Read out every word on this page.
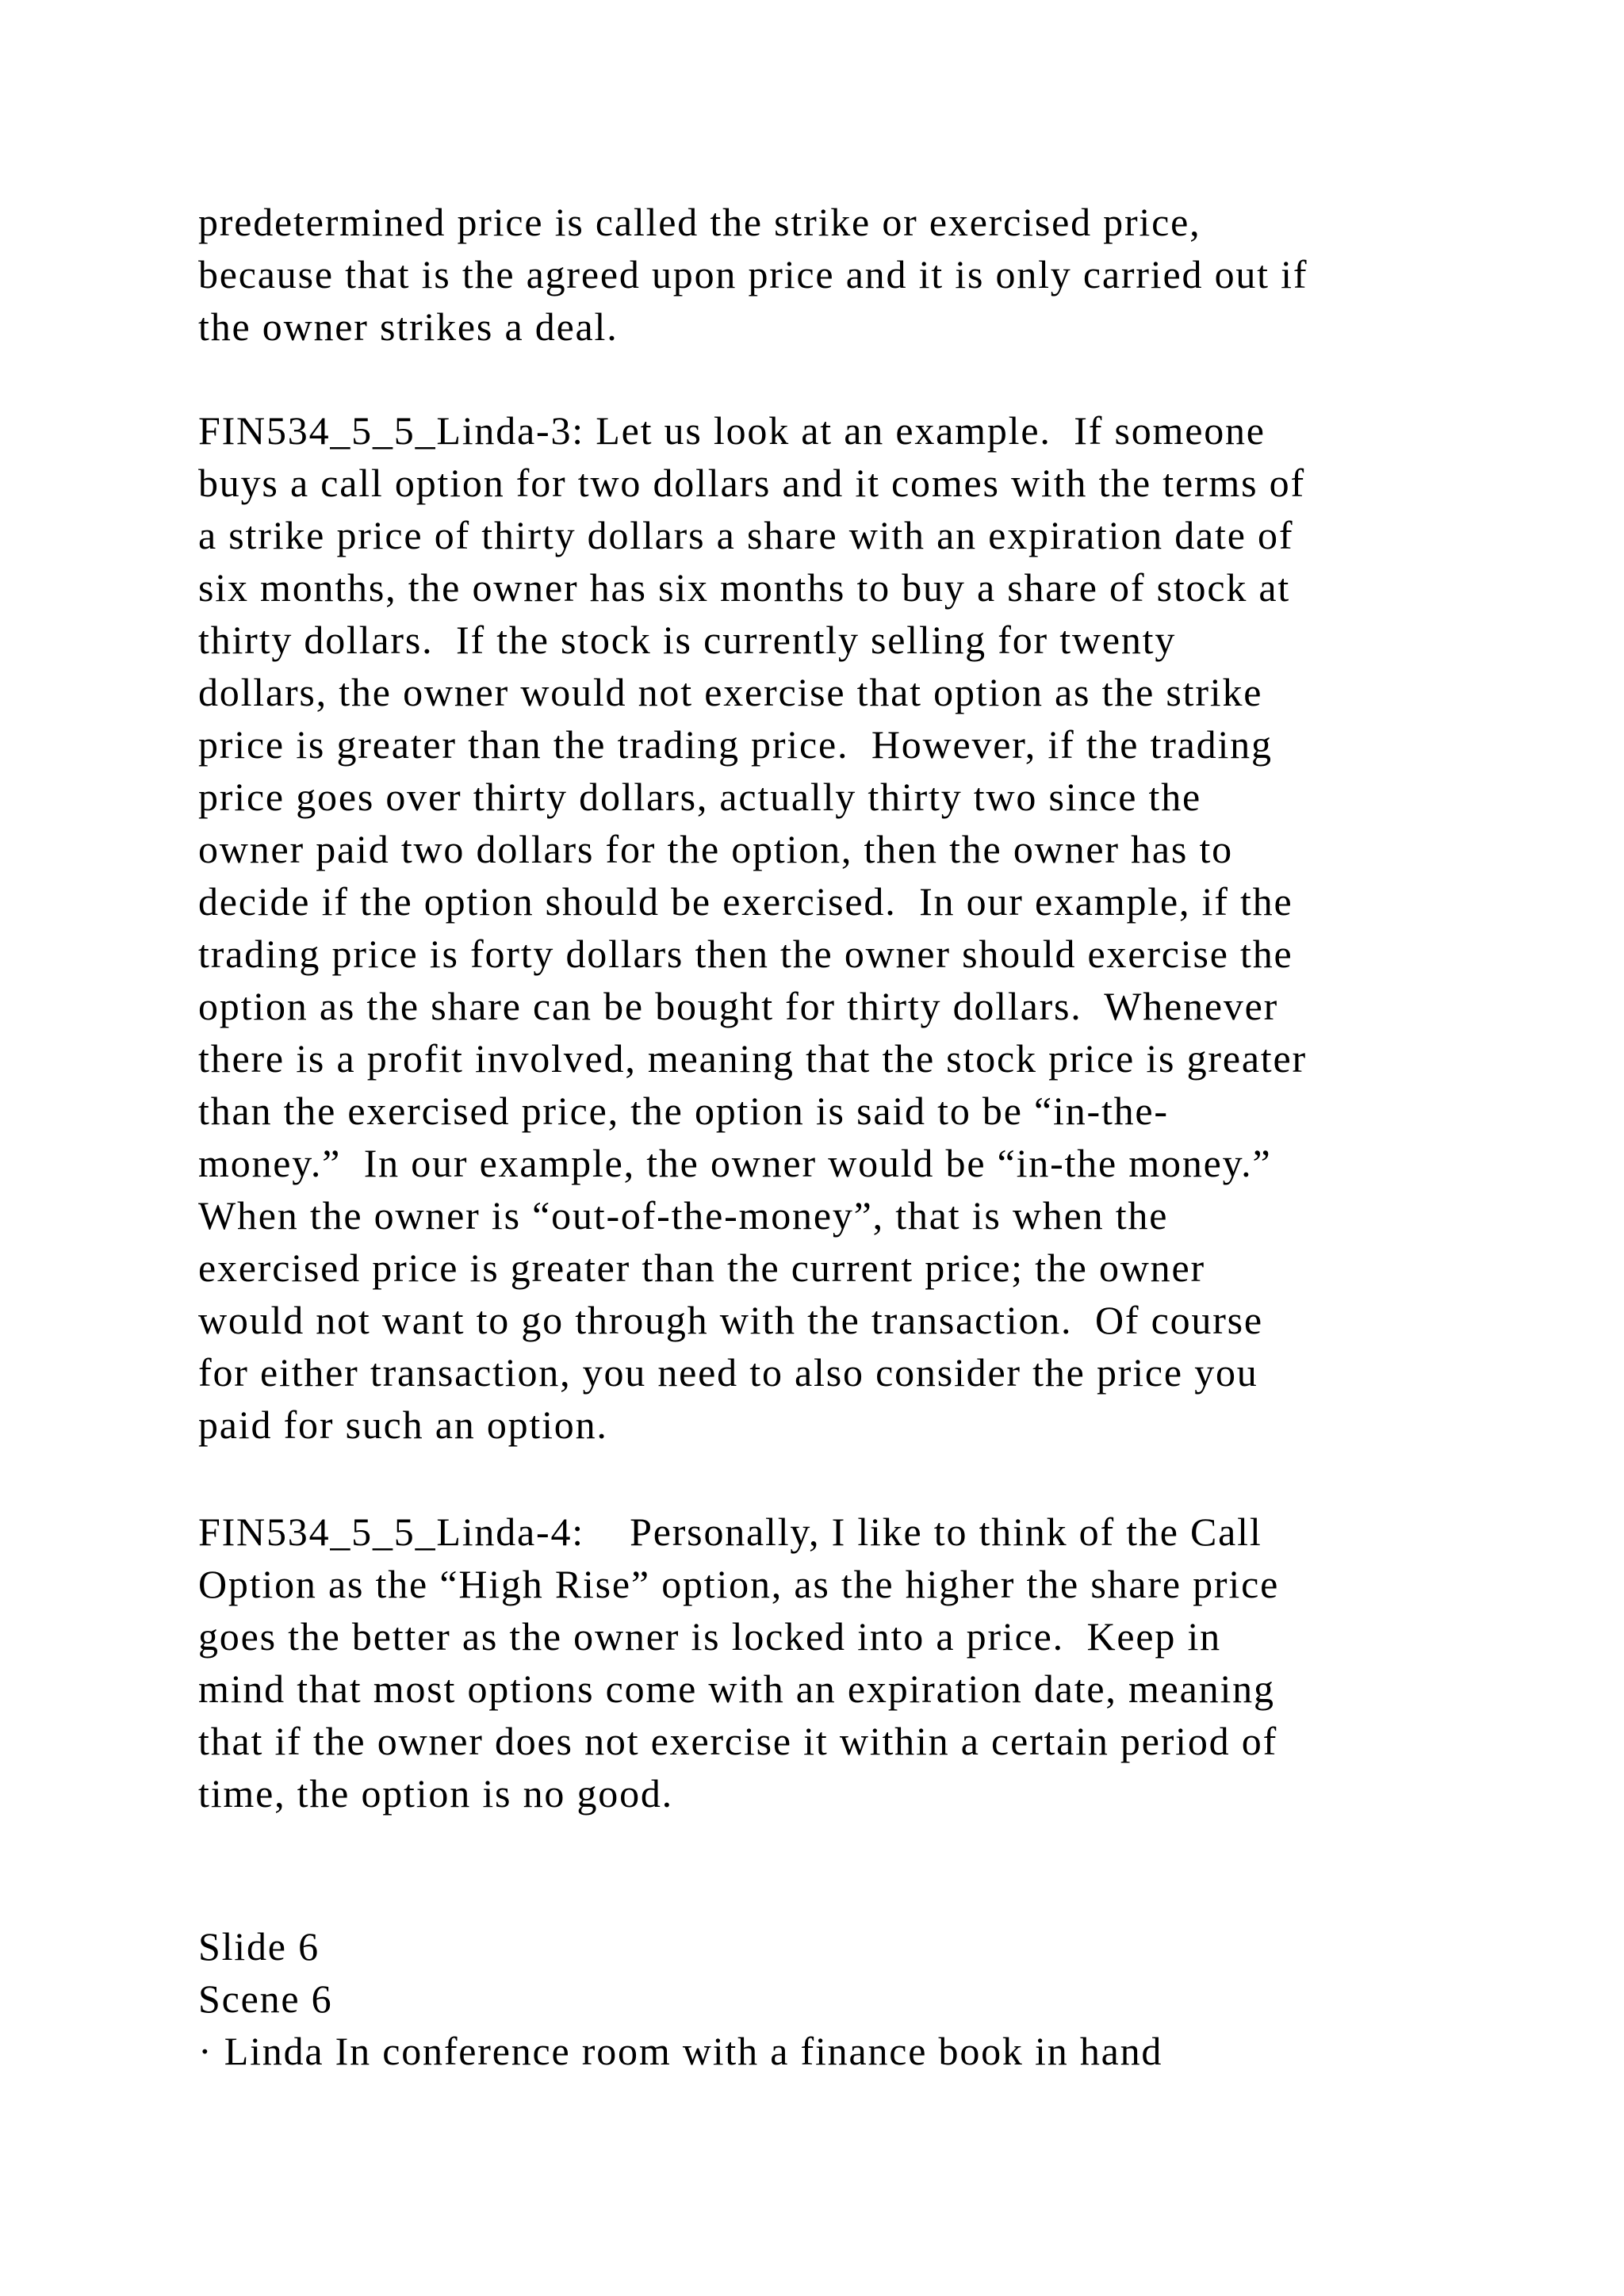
predetermined price is called the strike or exercised price,
because that is the agreed upon price and it is only carried out if
the owner strikes a deal.
FIN534_5_5_Linda-3: Let us look at an example.  If someone
buys a call option for two dollars and it comes with the terms of
a strike price of thirty dollars a share with an expiration date of
six months, the owner has six months to buy a share of stock at
thirty dollars.  If the stock is currently selling for twenty
dollars, the owner would not exercise that option as the strike
price is greater than the trading price.  However, if the trading
price goes over thirty dollars, actually thirty two since the
owner paid two dollars for the option, then the owner has to
decide if the option should be exercised.  In our example, if the
trading price is forty dollars then the owner should exercise the
option as the share can be bought for thirty dollars.  Whenever
there is a profit involved, meaning that the stock price is greater
than the exercised price, the option is said to be “in-the-
money.”  In our example, the owner would be “in-the money.”
When the owner is “out-of-the-money”, that is when the
exercised price is greater than the current price; the owner
would not want to go through with the transaction.  Of course
for either transaction, you need to also consider the price you
paid for such an option.
FIN534_5_5_Linda-4:    Personally, I like to think of the Call
Option as the “High Rise” option, as the higher the share price
goes the better as the owner is locked into a price.  Keep in
mind that most options come with an expiration date, meaning
that if the owner does not exercise it within a certain period of
time, the option is no good.
Slide 6
Scene 6
· Linda In conference room with a finance book in hand
